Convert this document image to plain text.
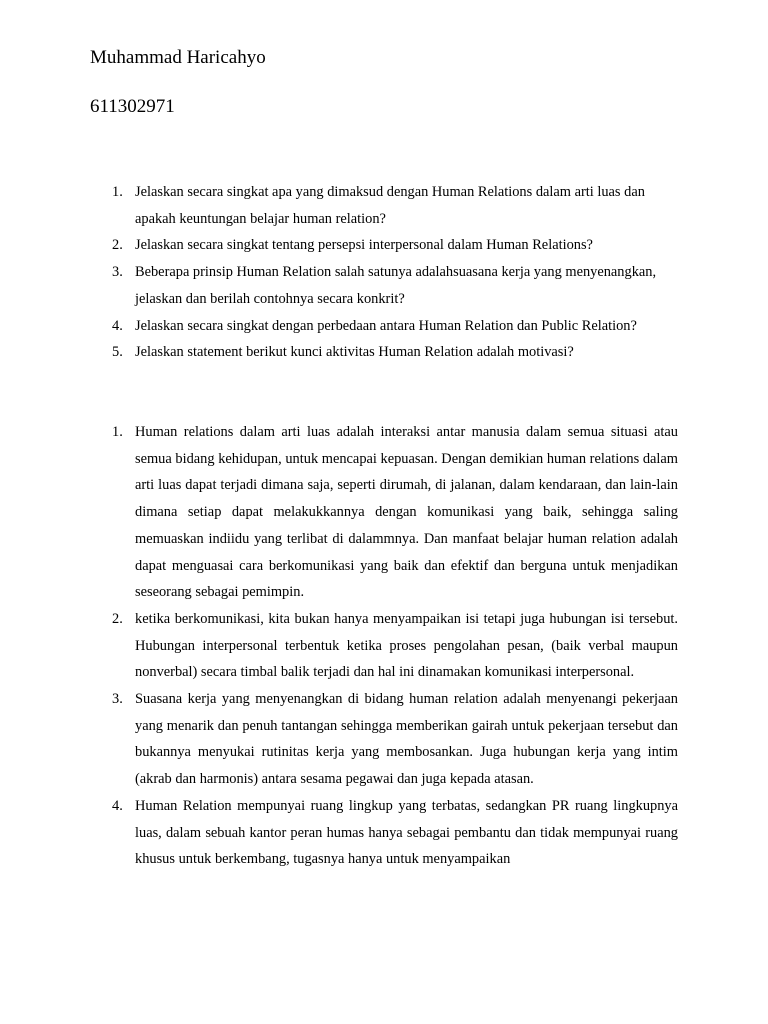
Muhammad Haricahyo
611302971
1. Jelaskan secara singkat apa yang dimaksud dengan Human Relations dalam arti luas dan apakah keuntungan belajar human relation?
2. Jelaskan secara singkat tentang persepsi interpersonal dalam Human Relations?
3. Beberapa prinsip Human Relation salah satunya adalahsuasana kerja yang menyenangkan, jelaskan dan berilah contohnya secara konkrit?
4. Jelaskan secara singkat dengan perbedaan antara Human Relation dan Public Relation?
5. Jelaskan statement berikut kunci aktivitas Human Relation adalah motivasi?
1. Human relations dalam arti luas adalah interaksi antar manusia dalam semua situasi atau semua bidang kehidupan, untuk mencapai kepuasan. Dengan demikian human relations dalam arti luas dapat terjadi dimana saja, seperti dirumah, di jalanan, dalam kendaraan, dan lain-lain dimana setiap dapat melakukkannya dengan komunikasi yang baik, sehingga saling memuaskan indiidu yang terlibat di dalammnya. Dan manfaat belajar human relation adalah dapat menguasai cara berkomunikasi yang baik dan efektif dan berguna untuk menjadikan seseorang sebagai pemimpin.
2. ketika berkomunikasi, kita bukan hanya menyampaikan isi tetapi juga hubungan isi tersebut. Hubungan interpersonal terbentuk ketika proses pengolahan pesan, (baik verbal maupun nonverbal) secara timbal balik terjadi dan hal ini dinamakan komunikasi interpersonal.
3. Suasana kerja yang menyenangkan di bidang human relation adalah menyenangi pekerjaan yang menarik dan penuh tantangan sehingga memberikan gairah untuk pekerjaan tersebut dan bukannya menyukai rutinitas kerja yang membosankan. Juga hubungan kerja yang intim (akrab dan harmonis) antara sesama pegawai dan juga kepada atasan.
4. Human Relation mempunyai ruang lingkup yang terbatas, sedangkan PR ruang lingkupnya luas, dalam sebuah kantor peran humas hanya sebagai pembantu dan tidak mempunyai ruang khusus untuk berkembang, tugasnya hanya untuk menyampaikan
